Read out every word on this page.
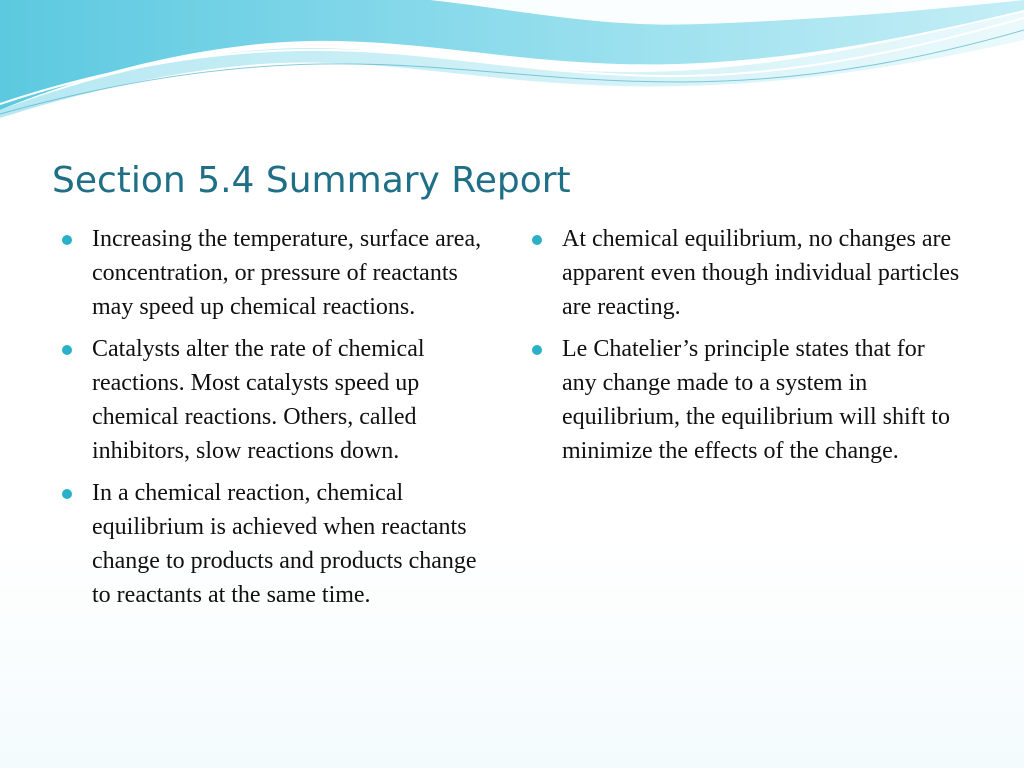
Section 5.4 Summary Report
Increasing the temperature, surface area, concentration, or pressure of reactants may speed up chemical reactions.
Catalysts alter the rate of chemical reactions. Most catalysts speed up chemical reactions. Others, called inhibitors, slow reactions down.
In a chemical reaction, chemical equilibrium is achieved when reactants change to products and products change to reactants at the same time.
At chemical equilibrium, no changes are apparent even though individual particles are reacting.
Le Chatelier’s principle states that for any change made to a system in equilibrium, the equilibrium will shift to minimize the effects of the change.
